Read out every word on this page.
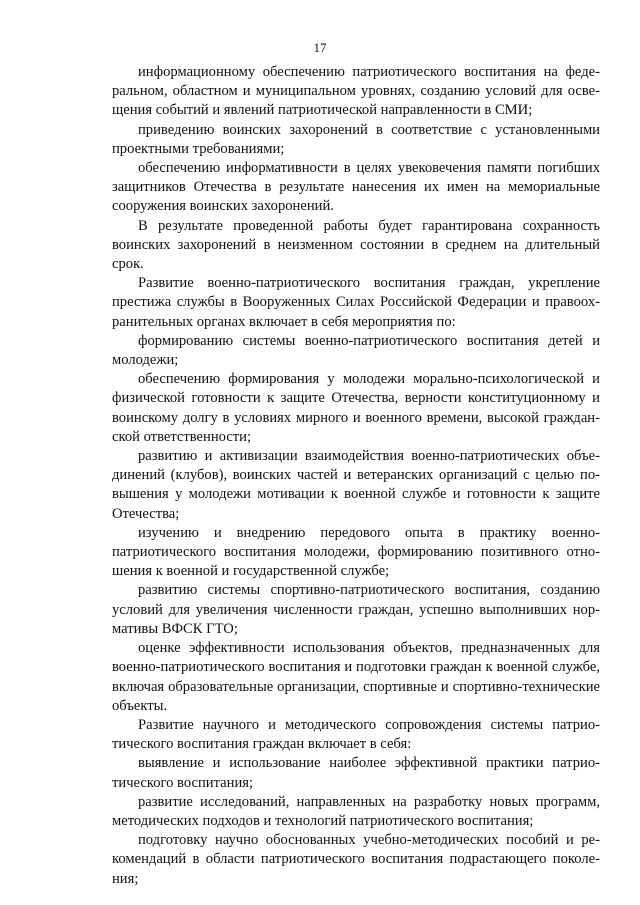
17

информационному обеспечению патриотического воспитания на федеральном, областном и муниципальном уровнях, созданию условий для освещения событий и явлений патриотической направленности в СМИ;

приведению воинских захоронений в соответствие с установленными проектными требованиями;

обеспечению информативности в целях увековечения памяти погибших защитников Отечества в результате нанесения их имен на мемориальные сооружения воинских захоронений.

В результате проведенной работы будет гарантирована сохранность воинских захоронений в неизменном состоянии в среднем на длительный срок.

Развитие военно-патриотического воспитания граждан, укрепление престижа службы в Вооруженных Силах Российской Федерации и правоохранительных органах включает в себя мероприятия по:

формированию системы военно-патриотического воспитания детей и молодежи;

обеспечению формирования у молодежи морально-психологической и физической готовности к защите Отечества, верности конституционному и воинскому долгу в условиях мирного и военного времени, высокой гражданской ответственности;

развитию и активизации взаимодействия военно-патриотических объединений (клубов), воинских частей и ветеранских организаций с целью повышения у молодежи мотивации к военной службе и готовности к защите Отечества;

изучению и внедрению передового опыта в практику военно-патриотического воспитания молодежи, формированию позитивного отношения к военной и государственной службе;

развитию системы спортивно-патриотического воспитания, созданию условий для увеличения численности граждан, успешно выполнивших нормативы ВФСК ГТО;

оценке эффективности использования объектов, предназначенных для военно-патриотического воспитания и подготовки граждан к военной службе, включая образовательные организации, спортивные и спортивно-технические объекты.

Развитие научного и методического сопровождения системы патриотического воспитания граждан включает в себя:

выявление и использование наиболее эффективной практики патриотического воспитания;

развитие исследований, направленных на разработку новых программ, методических подходов и технологий патриотического воспитания;

подготовку научно обоснованных учебно-методических пособий и рекомендаций в области патриотического воспитания подрастающего поколения;
